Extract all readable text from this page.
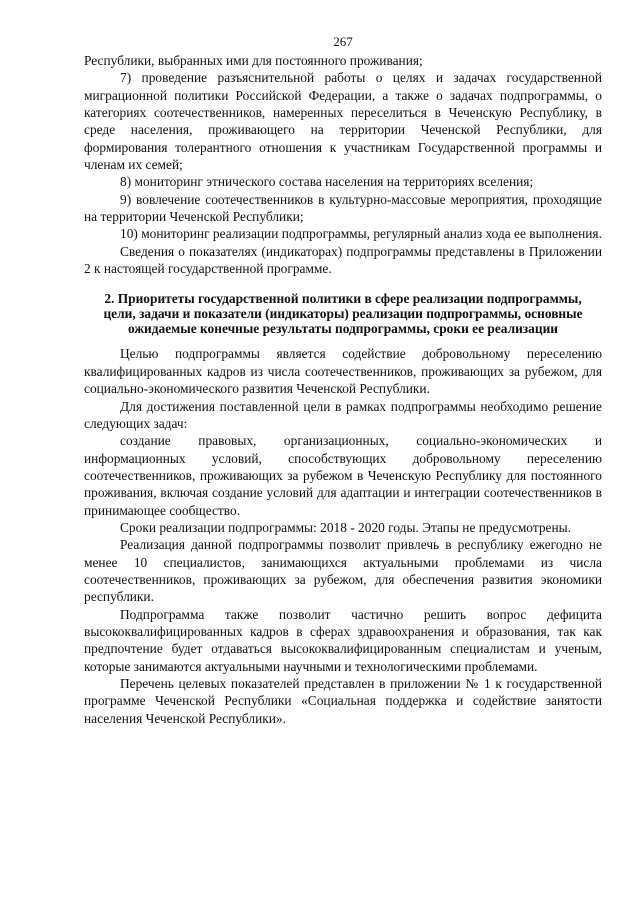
267

Республики, выбранных ими для постоянного проживания;

7) проведение разъяснительной работы о целях и задачах государственной миграционной политики Российской Федерации, а также о задачах подпрограммы, о категориях соотечественников, намеренных переселиться в Чеченскую Республику, в среде населения, проживающего на территории Чеченской Республики, для формирования толерантного отношения к участникам Государственной программы и членам их семей;

8) мониторинг этнического состава населения на территориях вселения;

9) вовлечение соотечественников в культурно-массовые мероприятия, проходящие на территории Чеченской Республики;

10) мониторинг реализации подпрограммы, регулярный анализ хода ее выполнения.

Сведения о показателях (индикаторах) подпрограммы представлены в Приложении 2 к настоящей государственной программе.

2. Приоритеты государственной политики в сфере реализации подпрограммы, цели, задачи и показатели (индикаторы) реализации подпрограммы, основные ожидаемые конечные результаты подпрограммы, сроки ее реализации

Целью подпрограммы является содействие добровольному переселению квалифицированных кадров из числа соотечественников, проживающих за рубежом, для социально-экономического развития Чеченской Республики.

Для достижения поставленной цели в рамках подпрограммы необходимо решение следующих задач:

создание правовых, организационных, социально-экономических и информационных условий, способствующих добровольному переселению соотечественников, проживающих за рубежом в Чеченскую Республику для постоянного проживания, включая создание условий для адаптации и интеграции соотечественников в принимающее сообщество.

Сроки реализации подпрограммы: 2018 - 2020 годы. Этапы не предусмотрены.

Реализация данной подпрограммы позволит привлечь в республику ежегодно не менее 10 специалистов, занимающихся актуальными проблемами из числа соотечественников, проживающих за рубежом, для обеспечения развития экономики республики.

Подпрограмма также позволит частично решить вопрос дефицита высококвалифицированных кадров в сферах здравоохранения и образования, так как предпочтение будет отдаваться высококвалифицированным специалистам и ученым, которые занимаются актуальными научными и технологическими проблемами.

Перечень целевых показателей представлен в приложении № 1 к государственной программе Чеченской Республики «Социальная поддержка и содействие занятости населения Чеченской Республики».
